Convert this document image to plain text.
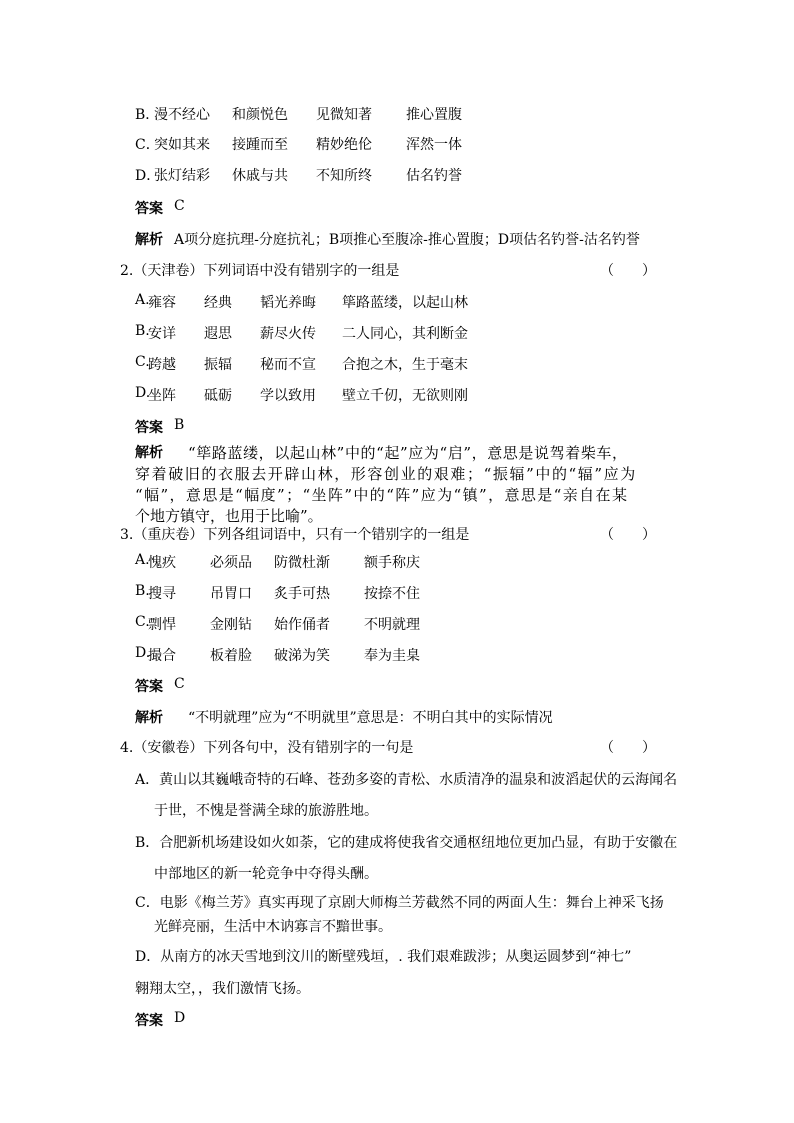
B．
漫不经心 和颜悦色 见微知著 推心置腹
C．
突如其来 接踵而至 精妙绝伦 浑然一体
D．
张灯结彩 休戚与共 不知所终 估名钓誉
答案 C
解析 A项分庭抗理-分庭抗礼；B项推心至腹凃-推心置腹；D项估名钓誉-沽名钓誉
2.（天津卷）下列词语中没有错别字的一组是	（　　）
A.
雍容 经典 韬光养晦 筚路蓝缕，以起山林
B.
安详 遐思 薪尽火传 二人同心，其利断金
C.
跨越 振辐 秘而不宣 合抱之木，生于毫末
D.
坐阵 砥砺 学以致用 壁立千仞，无欲则刚
答案 B
解析 “筚路蓝缕，以起山林”中的“起”应为“启”，意思是说驾着柴车，
穿着破旧的衣服去开辟山林，形容创业的艰难；“振辐”中的“辐”应为
“幅”，意思是“幅度”；“坐阵”中的“阵”应为“镇”，意思是“亲自在某
个地方镇守，也用于比喻”。
3.（重庆卷）下列各组词语中，只有一个错别字的一组是	（　　）
A.
愧疚 必须品 防微杜渐 额手称庆
B.
搜寻 吊胃口 炙手可热 按捺不住
C.
剽悍 金刚钻 始作俑者 不明就理
D.
撮合 板着脸 破涕为笑 奉为圭臬
答案 C
解析 “不明就理”应为“不明就里”意思是：不明白其中的实际情况
4.（安徽卷）下列各句中，没有错别字的一句是	（　　）
A．黄山以其巍峨奇特的石峰、苍劲多姿的青松、水质清净的温泉和波滔起伏的云海闻名
于世，不愧是誉满全球的旅游胜地。
B．合肥新机场建设如火如荼，它的建成将使我省交通枢纽地位更加凸显，有助于安徽在
中部地区的新一轮竞争中夺得头酬。
C．电影《梅兰芳》真实再现了京剧大师梅兰芳截然不同的两面人生：舞台上神采飞扬
光鲜亮丽，生活中木讷寡言不黯世事。
D．从南方的冰天雪地到汶川的断壁残垣，. 我们艰难跋涉；从奥运圆梦到“神七”
翱翔太空，，我们激情飞扬。
答案 D
